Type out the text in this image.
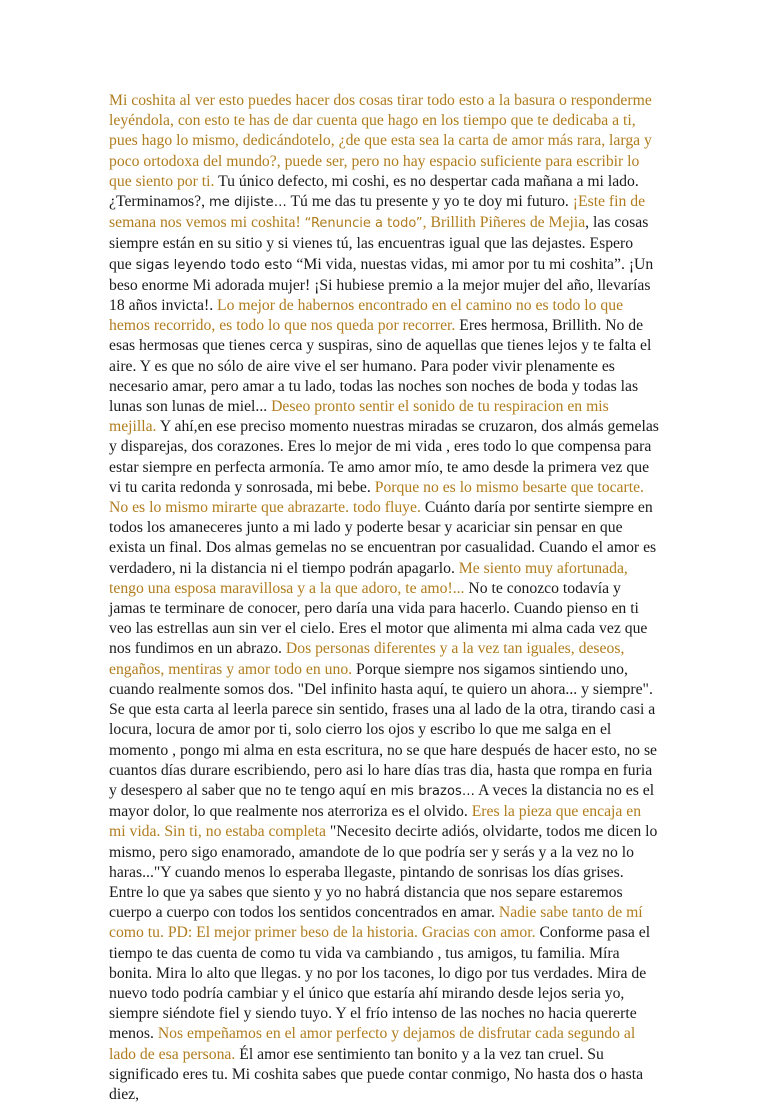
Mi coshita al ver esto puedes hacer dos cosas tirar todo esto a la basura o responderme leyéndola, con esto te has de dar cuenta que hago en los tiempo que te dedicaba a ti, pues hago lo mismo, dedicándotelo, ¿de que esta sea la carta de amor más rara, larga y poco ortodoxa del mundo?, puede ser, pero no hay espacio suficiente para escribir lo que siento por ti. Tu único defecto, mi coshi, es no despertar cada mañana a mi lado. ¿Terminamos?, me dijiste… Tú me das tu presente y yo te doy mi futuro. ¡Este fin de semana nos vemos mi coshita! “Renuncie a todo”, Brillith Piñeres de Mejia, las cosas siempre están en su sitio y si vienes tú, las encuentras igual que las dejastes. Espero que sigas leyendo todo esto “Mi vida, nuestas vidas, mi amor por tu mi coshita”. ¡Un beso enorme Mi adorada mujer! ¡Si hubiese premio a la mejor mujer del año, llevarías 18 años invicta!. Lo mejor de habernos encontrado en el camino no es todo lo que hemos recorrido, es todo lo que nos queda por recorrer. Eres hermosa, Brillith. No de esas hermosas que tienes cerca y suspiras, sino de aquellas que tienes lejos y te falta el aire. Y es que no sólo de aire vive el ser humano. Para poder vivir plenamente es necesario amar, pero amar a tu lado, todas las noches son noches de boda y todas las lunas son lunas de miel... Deseo pronto sentir el sonido de tu respiracion en mis mejilla. Y ahí,en ese preciso momento nuestras miradas se cruzaron, dos almás gemelas y disparejas, dos corazones. Eres lo mejor de mi vida , eres todo lo que compensa para estar siempre en perfecta armonía. Te amo amor mío, te amo desde la primera vez que vi tu carita redonda y sonrosada, mi bebe. Porque no es lo mismo besarte que tocarte. No es lo mismo mirarte que abrazarte. todo fluye. Cuánto daría por sentirte siempre en todos los amaneceres junto a mi lado y poderte besar y acariciar sin pensar en que exista un final. Dos almas gemelas no se encuentran por casualidad. Cuando el amor es verdadero, ni la distancia ni el tiempo podrán apagarlo. Me siento muy afortunada, tengo una esposa maravillosa y a la que adoro, te amo!... No te conozco todavía y jamas te terminare de conocer, pero daría una vida para hacerlo. Cuando pienso en ti veo las estrellas aun sin ver el cielo. Eres el motor que alimenta mi alma cada vez que nos fundimos en un abrazo. Dos personas diferentes y a la vez tan iguales, deseos, engaños, mentiras y amor todo en uno. Porque siempre nos sigamos sintiendo uno, cuando realmente somos dos. "Del infinito hasta aquí, te quiero un ahora... y siempre". Se que esta carta al leerla parece sin sentido, frases una al lado de la otra, tirando casi a locura, locura de amor por ti, solo cierro los ojos y escribo lo que me salga en el momento , pongo mi alma en esta escritura, no se que hare después de hacer esto, no se cuantos días durare escribiendo, pero asi lo hare días tras dia, hasta que rompa en furia y desespero al saber que no te tengo aquí en mis brazos… A veces la distancia no es el mayor dolor, lo que realmente nos aterroriza es el olvido. Eres la pieza que encaja en mi vida. Sin ti, no estaba completa "Necesito decirte adiós, olvidarte, todos me dicen lo mismo, pero sigo enamorado, amandote de lo que podría ser y serás y a la vez no lo haras..."Y cuando menos lo esperaba llegaste, pintando de sonrisas los días grises. Entre lo que ya sabes que siento y yo no habrá distancia que nos separe estaremos cuerpo a cuerpo con todos los sentidos concentrados en amar. Nadie sabe tanto de mí como tu. PD: El mejor primer beso de la historia. Gracias con amor. Conforme pasa el tiempo te das cuenta de como tu vida va cambiando , tus amigos, tu familia. Míra bonita. Mira lo alto que llegas. y no por los tacones, lo digo por tus verdades. Mira de nuevo todo podría cambiar y el único que estaría ahí mirando desde lejos seria yo, siempre siéndote fiel y siendo tuyo. Y el frío intenso de las noches no hacia quererte menos. Nos empeñamos en el amor perfecto y dejamos de disfrutar cada segundo al lado de esa persona. Él amor ese sentimiento tan bonito y a la vez tan cruel. Su significado eres tu. Mi coshita sabes que puede contar conmigo, No hasta dos o hasta diez,
